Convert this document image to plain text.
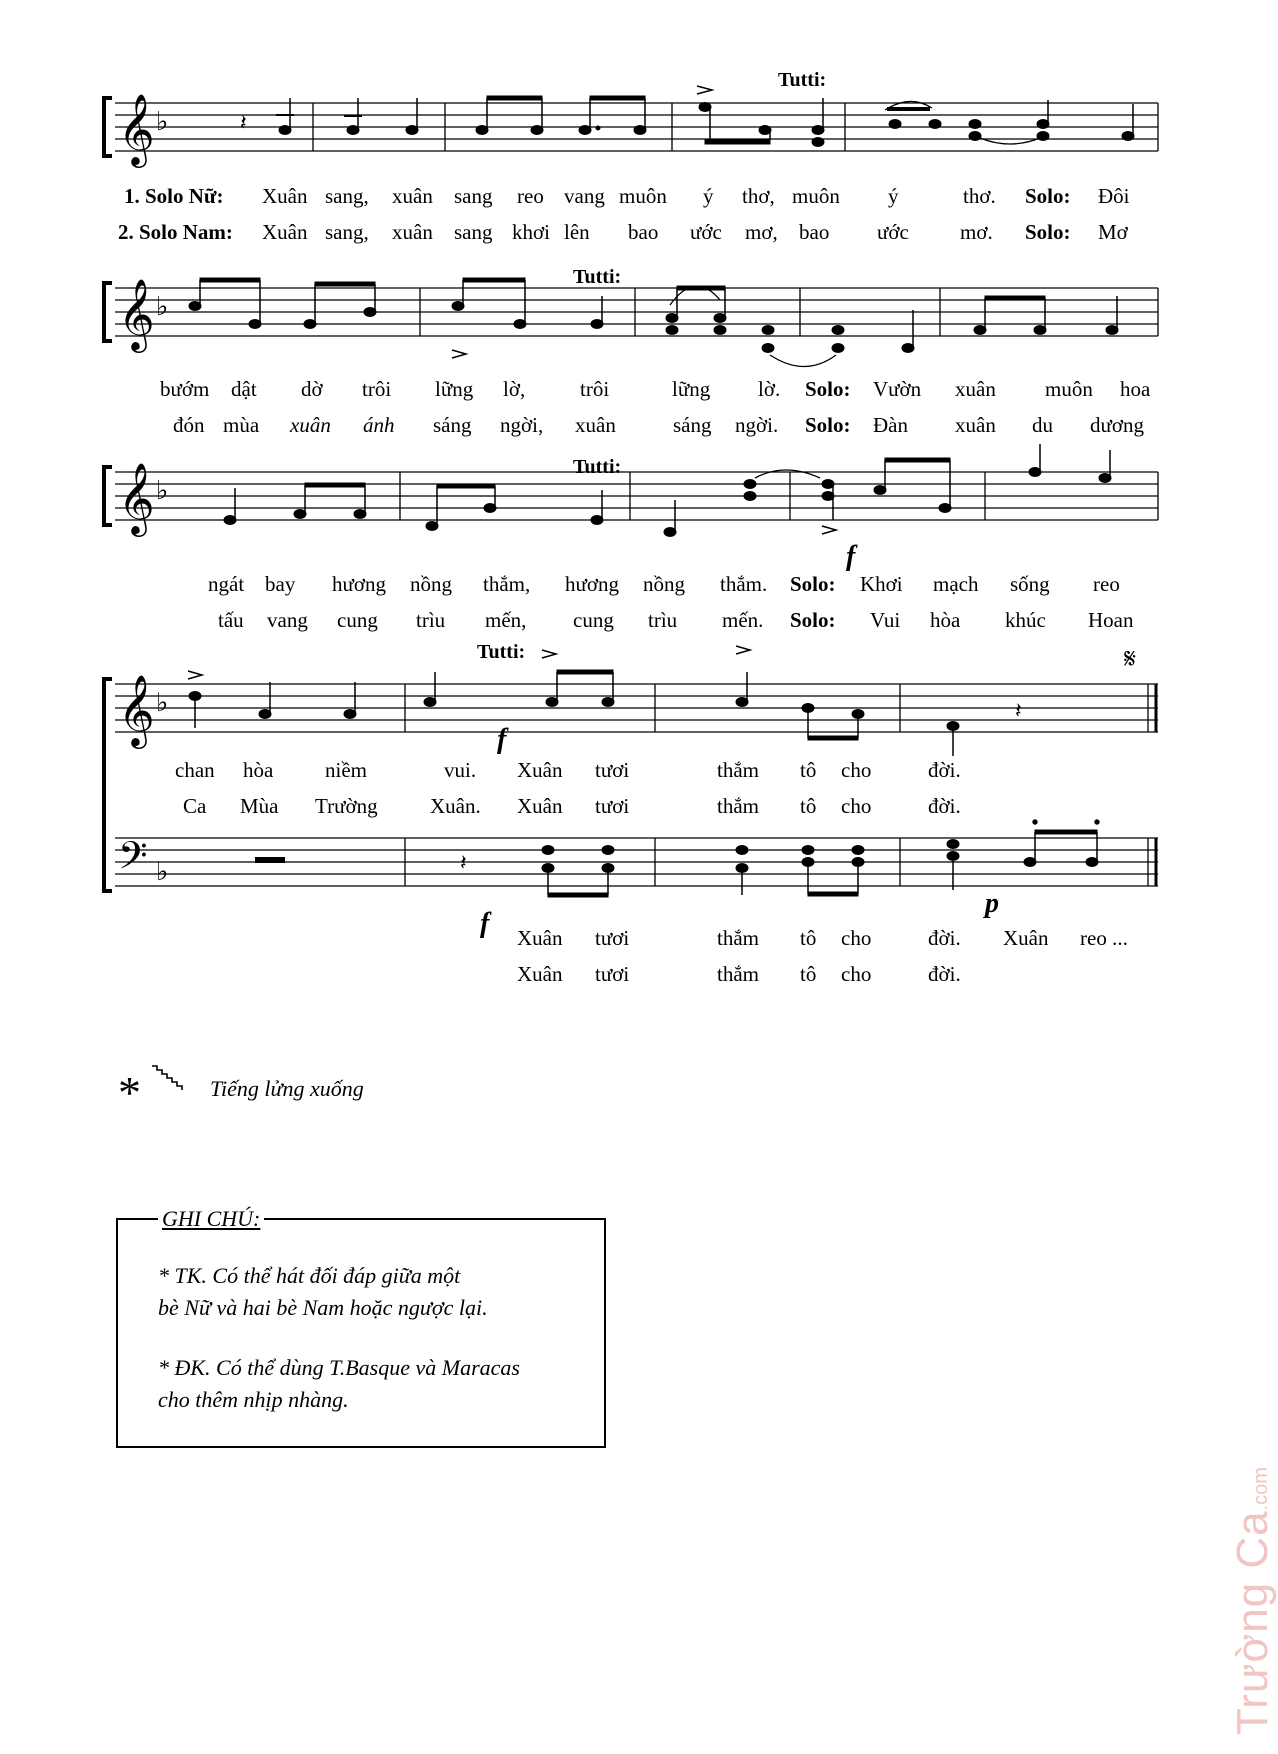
𝄞 ♭	𝄽
𝄞 ♭
𝄞 ♭
𝄞 ♭
𝄢 ♭
𝄋
𝄽
𝄽
Tutti:
Tutti:
Tutti:
Tutti:
f
f
f
p
1. Solo Nữ: Xuân sang, xuân sang reo vang muôn ý thơ, muôn ý	thơ. Solo: Đôi
2. Solo Nam: Xuân sang, xuân sang khơi lên bao ước mơ, bao ước mơ. Solo: Mơ
bướm dật dờ trôi lững lờ,	trôi	lững lờ. Solo: Vườn xuân muôn hoa
đón mùa xuân ánh sáng ngời, xuân	sáng ngời. Solo: Đàn xuân du dương
ngát bay hương nồng thắm, hương nồng thắm. Solo: Khơi mạch sống reo
tấu vang cung trìu mến, cung trìu mến. Solo: Vui hòa khúc Hoan
chan hòa niềm	vui. Xuân tươi	thắm tô cho	đời.
Ca Mùa Trường Xuân. Xuân tươi	thắm tô cho	đời.
Xuân tươi	thắm tô cho	đời. Xuân reo ...
Xuân tươi	thắm tô cho	đời.
*	Tiếng lửng xuống
GHI CHÚ:
* TK. Có thể hát đối đáp giữa một
bè Nữ và hai bè Nam hoặc ngược lại.
* ĐK. Có thể dùng T.Basque và Maracas
cho thêm nhịp nhàng.
Trường Ca.com
